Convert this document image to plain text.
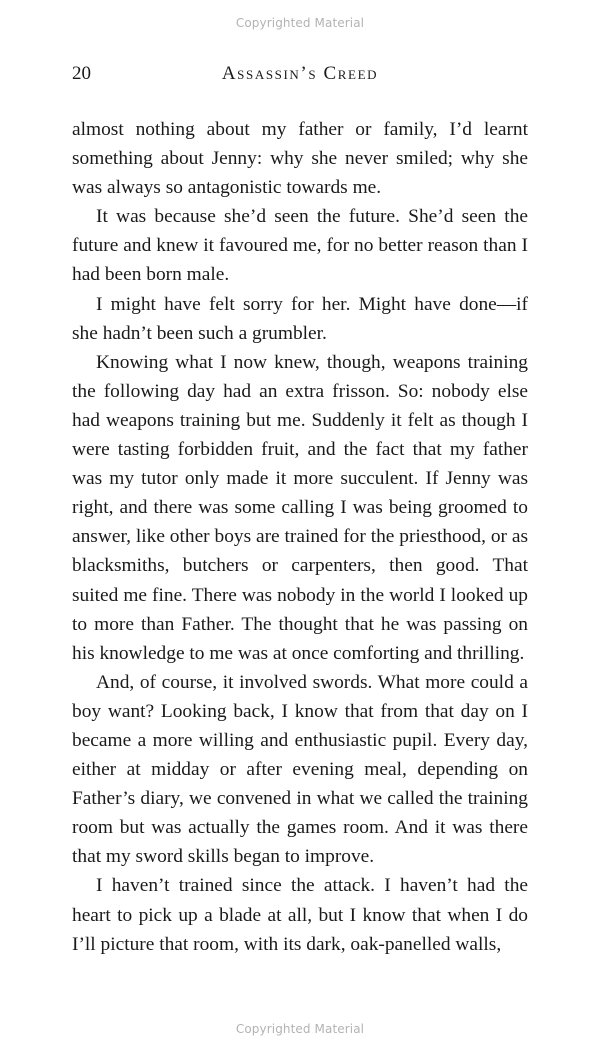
Copyrighted Material
20	Assassin’s Creed

almost nothing about my father or family, I’d learnt something about Jenny: why she never smiled; why she was always so antagonistic towards me.

It was because she’d seen the future. She’d seen the future and knew it favoured me, for no better reason than I had been born male.

I might have felt sorry for her. Might have done—if she hadn’t been such a grumbler.

Knowing what I now knew, though, weapons training the following day had an extra frisson. So: nobody else had weapons training but me. Suddenly it felt as though I were tasting forbidden fruit, and the fact that my father was my tutor only made it more succulent. If Jenny was right, and there was some calling I was being groomed to answer, like other boys are trained for the priesthood, or as blacksmiths, butchers or carpenters, then good. That suited me fine. There was nobody in the world I looked up to more than Father. The thought that he was passing on his knowledge to me was at once comforting and thrilling.

And, of course, it involved swords. What more could a boy want? Looking back, I know that from that day on I became a more willing and enthusiastic pupil. Every day, either at midday or after evening meal, depending on Father’s diary, we convened in what we called the training room but was actually the games room. And it was there that my sword skills began to improve.

I haven’t trained since the attack. I haven’t had the heart to pick up a blade at all, but I know that when I do I’ll picture that room, with its dark, oak-panelled walls,

Copyrighted Material
